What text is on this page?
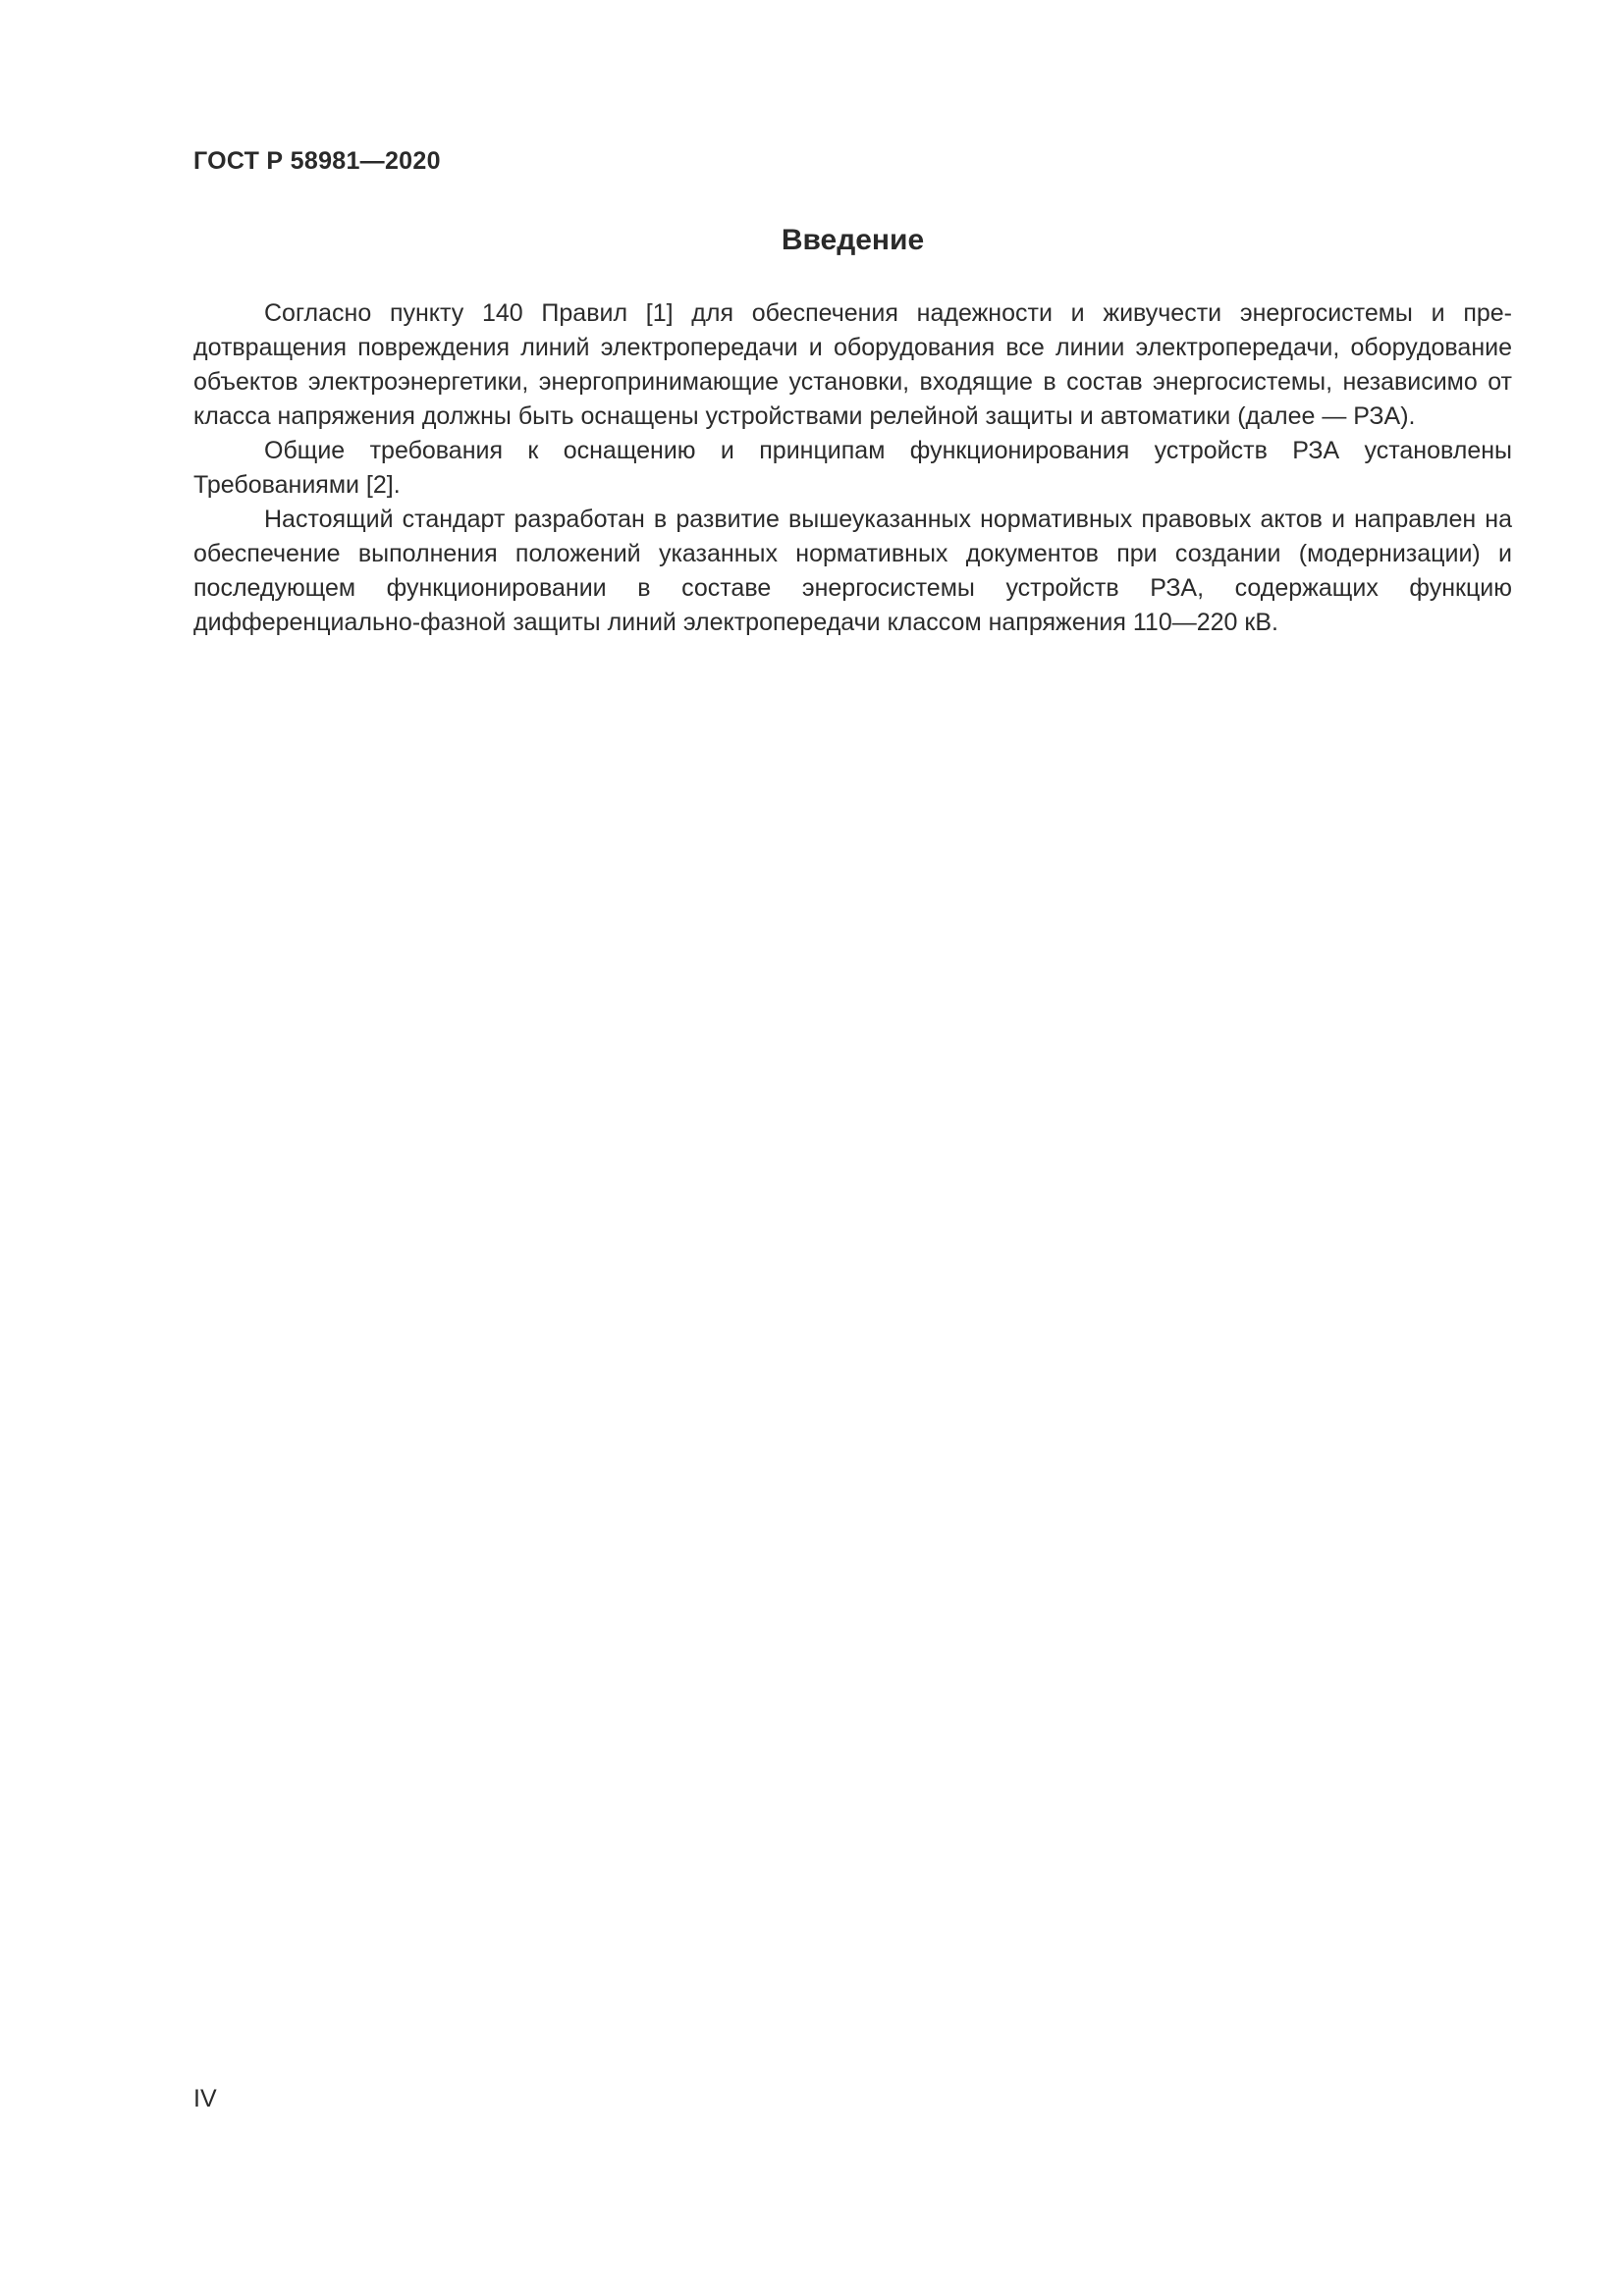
ГОСТ Р 58981—2020
Введение

Согласно пункту 140 Правил [1] для обеспечения надежности и живучести энергосистемы и предотвращения повреждения линий электропередачи и оборудования все линии электропередачи, оборудование объектов электроэнергетики, энергопринимающие установки, входящие в состав энергосистемы, независимо от класса напряжения должны быть оснащены устройствами релейной защиты и автоматики (далее — РЗА).

Общие требования к оснащению и принципам функционирования устройств РЗА установлены Требованиями [2].

Настоящий стандарт разработан в развитие вышеуказанных нормативных правовых актов и направлен на обеспечение выполнения положений указанных нормативных документов при создании (модернизации) и последующем функционировании в составе энергосистемы устройств РЗА, содержащих функцию дифференциально-фазной защиты линий электропередачи классом напряжения 110—220 кВ.

IV
